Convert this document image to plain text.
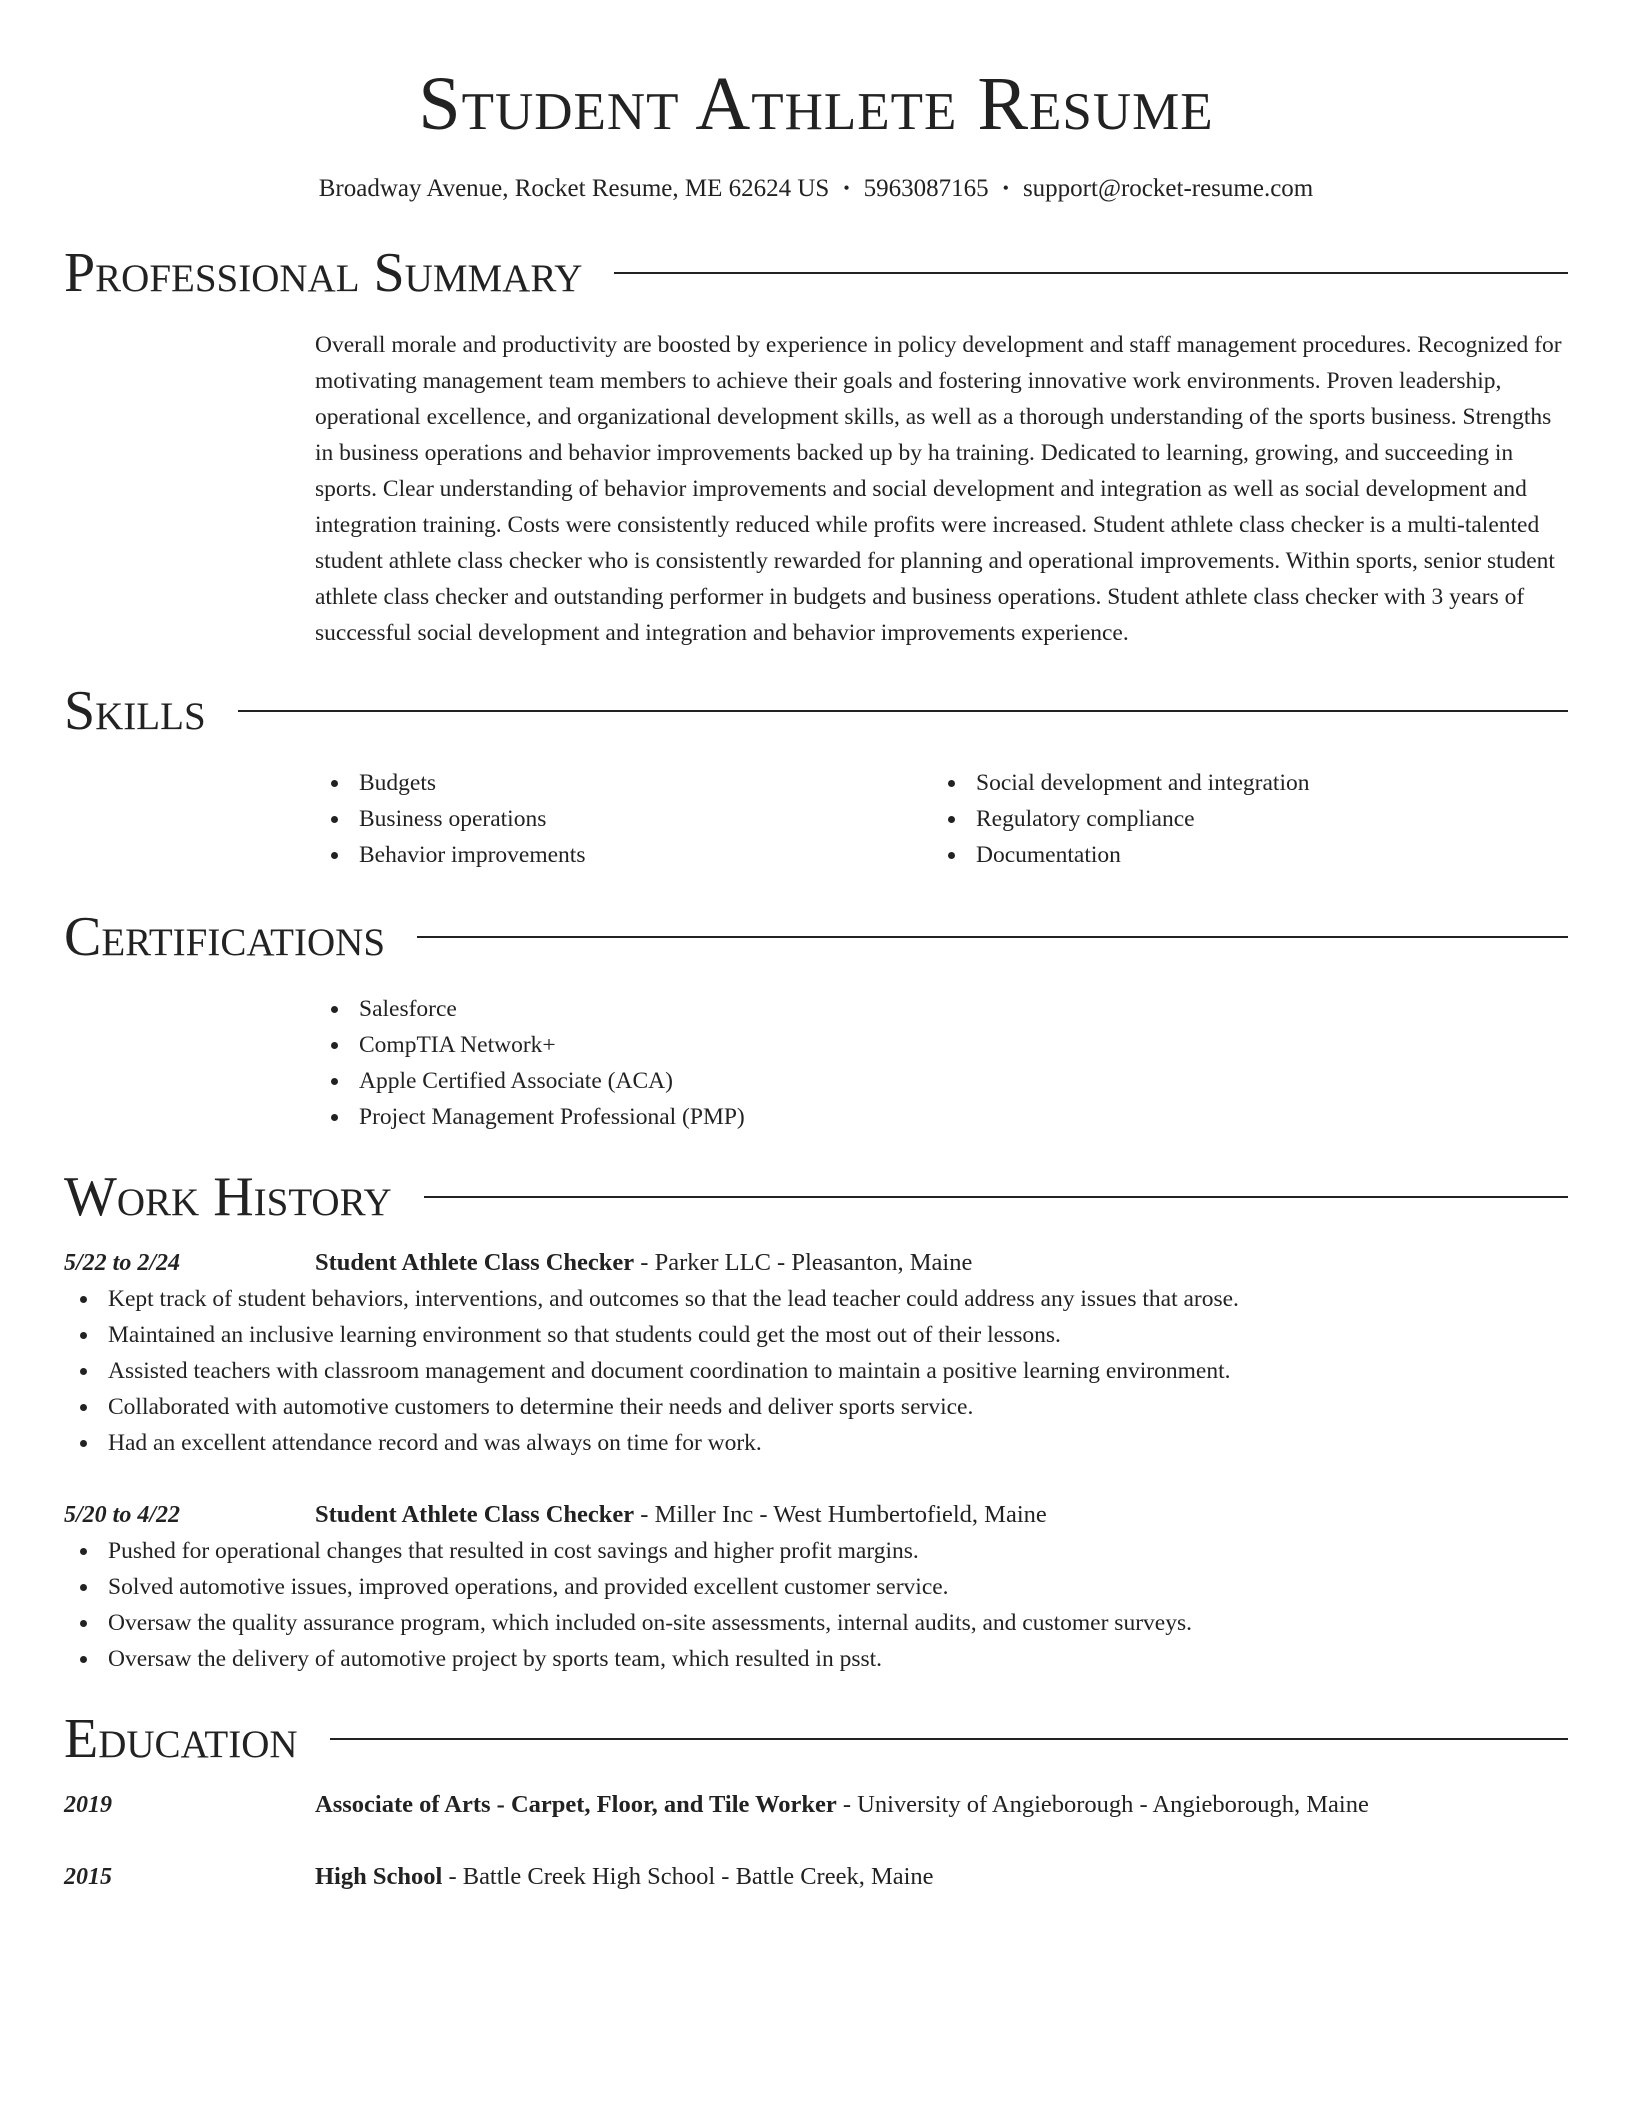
Student Athlete Resume
Broadway Avenue, Rocket Resume, ME 62624 US • 5963087165 • support@rocket-resume.com
Professional Summary
Overall morale and productivity are boosted by experience in policy development and staff management procedures. Recognized for motivating management team members to achieve their goals and fostering innovative work environments. Proven leadership, operational excellence, and organizational development skills, as well as a thorough understanding of the sports business. Strengths in business operations and behavior improvements backed up by ha training. Dedicated to learning, growing, and succeeding in sports. Clear understanding of behavior improvements and social development and integration as well as social development and integration training. Costs were consistently reduced while profits were increased. Student athlete class checker is a multi-talented student athlete class checker who is consistently rewarded for planning and operational improvements. Within sports, senior student athlete class checker and outstanding performer in budgets and business operations. Student athlete class checker with 3 years of successful social development and integration and behavior improvements experience.
Skills
Budgets
Business operations
Behavior improvements
Social development and integration
Regulatory compliance
Documentation
Certifications
Salesforce
CompTIA Network+
Apple Certified Associate (ACA)
Project Management Professional (PMP)
Work History
5/22 to 2/24	Student Athlete Class Checker - Parker LLC - Pleasanton, Maine
Kept track of student behaviors, interventions, and outcomes so that the lead teacher could address any issues that arose.
Maintained an inclusive learning environment so that students could get the most out of their lessons.
Assisted teachers with classroom management and document coordination to maintain a positive learning environment.
Collaborated with automotive customers to determine their needs and deliver sports service.
Had an excellent attendance record and was always on time for work.
5/20 to 4/22	Student Athlete Class Checker - Miller Inc - West Humbertofield, Maine
Pushed for operational changes that resulted in cost savings and higher profit margins.
Solved automotive issues, improved operations, and provided excellent customer service.
Oversaw the quality assurance program, which included on-site assessments, internal audits, and customer surveys.
Oversaw the delivery of automotive project by sports team, which resulted in psst.
Education
2019	Associate of Arts - Carpet, Floor, and Tile Worker - University of Angieborough - Angieborough, Maine
2015	High School - Battle Creek High School - Battle Creek, Maine
